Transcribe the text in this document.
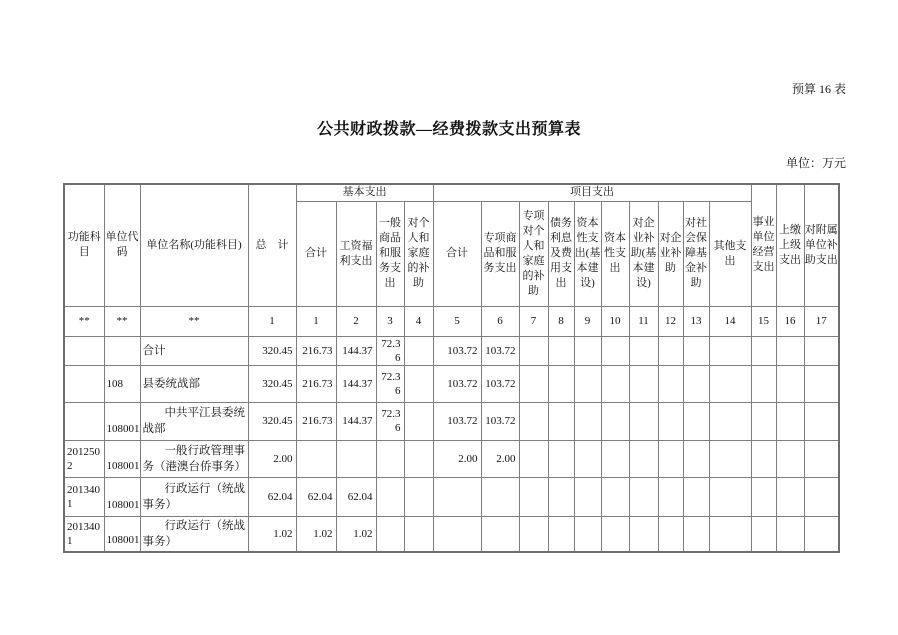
预算 16 表
公共财政拨款—经费拨款支出预算表
单位：万元
功能科目	单位代码	单位名称(功能科目)	总　计	基本支出				项目支出										事业单位经营支出	上缴上级支出	对附属单位补助支出
				合计	工资福利支出	一般商品和服务支出	对个人和家庭的补助	合计	专项商品和服务支出	专项对个人和家庭的补助	债务利息及费用支出	资本性支出(基本建设)	资本性支出	对企业补助(基本建设)	对企业补助	对社会保障基金补助	其他支出			
**	**	**	1	1	2	3	4	5	6	7	8	9	10	11	12	13	14	15	16	17
		合计	320.45	216.73	144.37	72.36		103.72	103.72											
	108	县委统战部	320.45	216.73	144.37	72.36		103.72	103.72											
	108001	中共平江县委统战部	320.45	216.73	144.37	72.36		103.72	103.72											
2012502	108001	一般行政管理事务（港澳台侨事务）	2.00					2.00	2.00											
2013401	108001	行政运行（统战事务）	62.04	62.04	62.04															
2013401	108001	行政运行（统战事务）	1.02	1.02	1.02															
